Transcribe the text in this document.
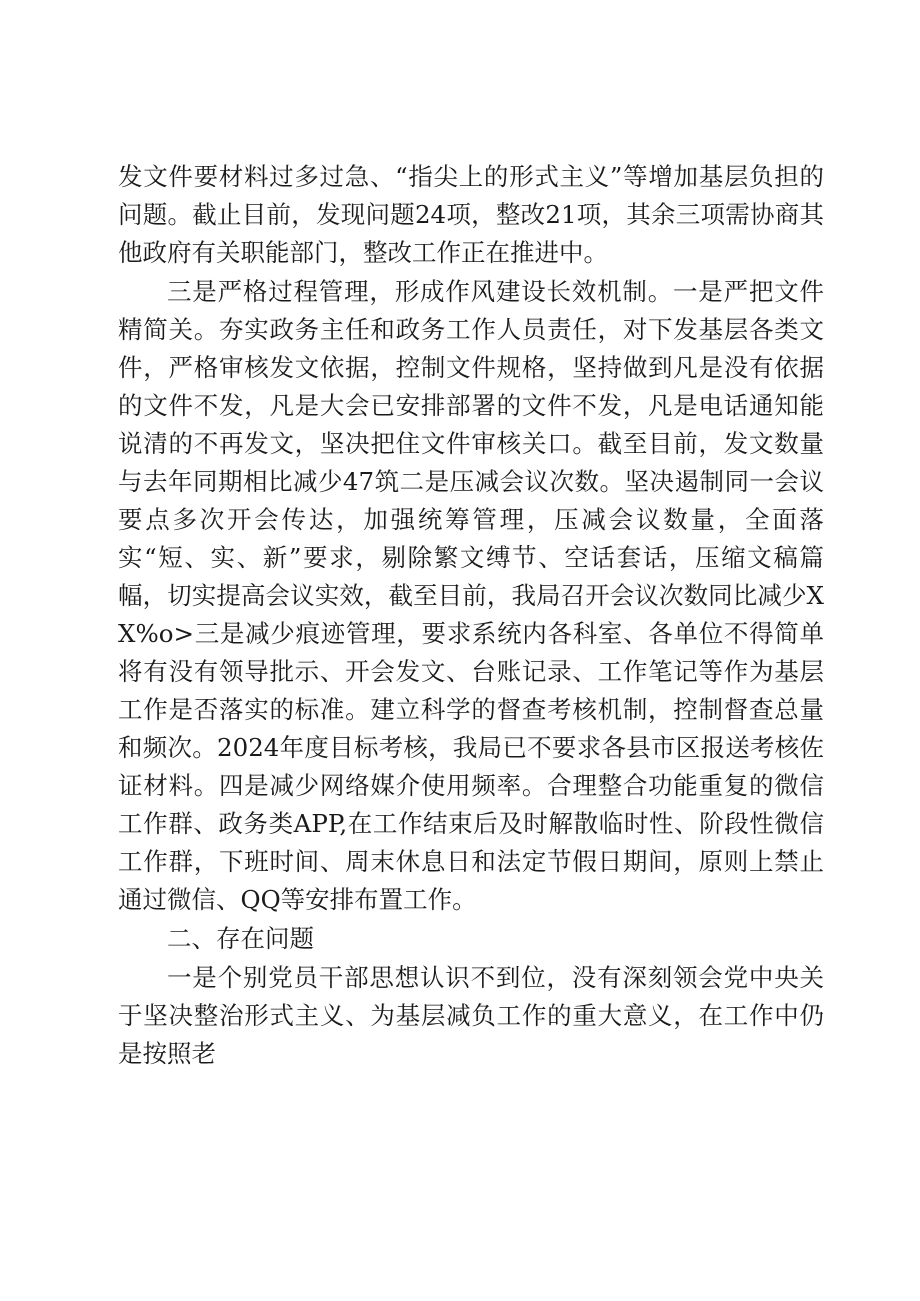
发文件要材料过多过急、“指尖上的形式主义”等增加基层负担的问题。截止目前，发现问题24项，整改21项，其余三项需协商其他政府有关职能部门，整改工作正在推进中。

三是严格过程管理，形成作风建设长效机制。一是严把文件精简关。夯实政务主任和政务工作人员责任，对下发基层各类文件，严格审核发文依据，控制文件规格，坚持做到凡是没有依据的文件不发，凡是大会已安排部署的文件不发，凡是电话通知能说清的不再发文，坚决把住文件审核关口。截至目前，发文数量与去年同期相比减少47筑二是压减会议次数。坚决遏制同一会议要点多次开会传达，加强统筹管理，压减会议数量，全面落实“短、实、新”要求，剔除繁文缚节、空话套话，压缩文稿篇幅，切实提高会议实效，截至目前，我局召开会议次数同比减少XX%o>三是减少痕迹管理，要求系统内各科室、各单位不得简单将有没有领导批示、开会发文、台账记录、工作笔记等作为基层工作是否落实的标准。建立科学的督查考核机制，控制督查总量和频次。2024年度目标考核，我局已不要求各县市区报送考核佐证材料。四是减少网络媒介使用频率。合理整合功能重复的微信工作群、政务类APP,在工作结束后及时解散临时性、阶段性微信工作群，下班时间、周末休息日和法定节假日期间，原则上禁止通过微信、QQ等安排布置工作。

二、存在问题

一是个别党员干部思想认识不到位，没有深刻领会党中央关于坚决整治形式主义、为基层减负工作的重大意义，在工作中仍是按照老
